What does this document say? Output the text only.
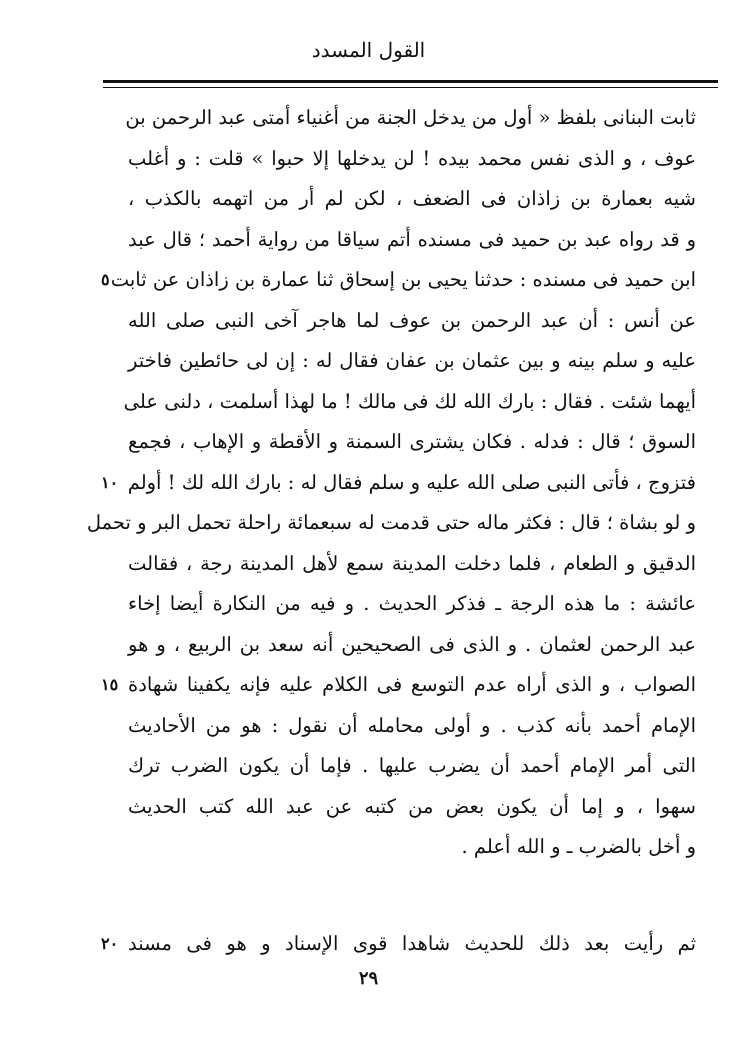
القول المسدد
ثابت البنانى بلفظ « أول من يدخل الجنة من أغنياء أمتى عبد الرحمن بن
عوف ، و الذى نفس محمد بيده ! لن يدخلها إلا حبوا » قلت : و أغلب
شيه بعمارة بن زاذان فى الضعف ، لكن لم أر من اتهمه بالكذب ،
و قد رواه عبد بن حميد فى مسنده أتم سياقا من رواية أحمد ؛ قال عبد
ابن حميد فى مسنده : حدثنا يحيى بن إسحاق ثنا عمارة بن زاذان عن ثابت
٥
عن أنس : أن عبد الرحمن بن عوف لما هاجر آخى النبى صلى الله
عليه و سلم بينه و بين عثمان بن عفان فقال له : إن لى حائطين فاختر
أيهما شئت . فقال : بارك الله لك فى مالك ! ما لهذا أسلمت ، دلنى على
السوق ؛ قال : فدله . فكان يشترى السمنة و الأقطة و الإهاب ، فجمع
فتزوج ، فأتى النبى صلى الله عليه و سلم فقال له : بارك الله لك ! أولم
١٠
و لو بشاة ؛ قال : فكثر ماله حتى قدمت له سبعمائة راحلة تحمل البر و تحمل
الدقيق و الطعام ، فلما دخلت المدينة سمع لأهل المدينة رجة ، فقالت
عائشة : ما هذه الرجة ـ فذكر الحديث . و فيه من النكارة أيضا إخاء
عبد الرحمن لعثمان . و الذى فى الصحيحين أنه سعد بن الربيع ، و هو
الصواب ، و الذى أراه عدم التوسع فى الكلام عليه فإنه يكفينا شهادة
١٥
الإمام أحمد بأنه كذب . و أولى محامله أن نقول : هو من الأحاديث
التى أمر الإمام أحمد أن يضرب عليها . فإما أن يكون الضرب ترك
سهوا ، و إما أن يكون بعض من كتبه عن عبد الله كتب الحديث
و أخل بالضرب ـ و الله أعلم .
ثم رأيت بعد ذلك للحديث شاهدا قوى الإسناد و هو فى مسند
٢٠
٢٩
